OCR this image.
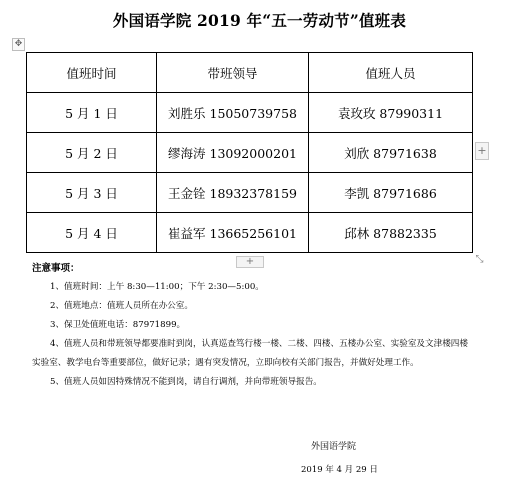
外国语学院 2019 年“五一劳动节”值班表
✥
值班时间	带班领导	值班人员
5 月 1 日	刘胜乐 15050739758	袁玫玫 87990311
5 月 2 日	缪海涛 13092000201	刘欣 87971638
5 月 3 日	王金铨 18932378159	李凯 87971686
5 月 4 日	崔益军 13665256101	邱林 87882335
+
+	⤡
注意事项：

1、值班时间：上午 8:30—11:00；下午 2:30—5:00。

2、值班地点：值班人员所在办公室。

3、保卫处值班电话：87971899。

4、值班人员和带班领导都要准时到岗，认真巡查笃行楼一楼、二楼、四楼、五楼办公室、实验室及文津楼四楼实验室、教学电台等重要部位，做好记录；遇有突发情况，立即向校有关部门报告，并做好处理工作。

5、值班人员如因特殊情况不能到岗，请自行调剂，并向带班领导报告。

外国语学院
2019 年 4 月 29 日
